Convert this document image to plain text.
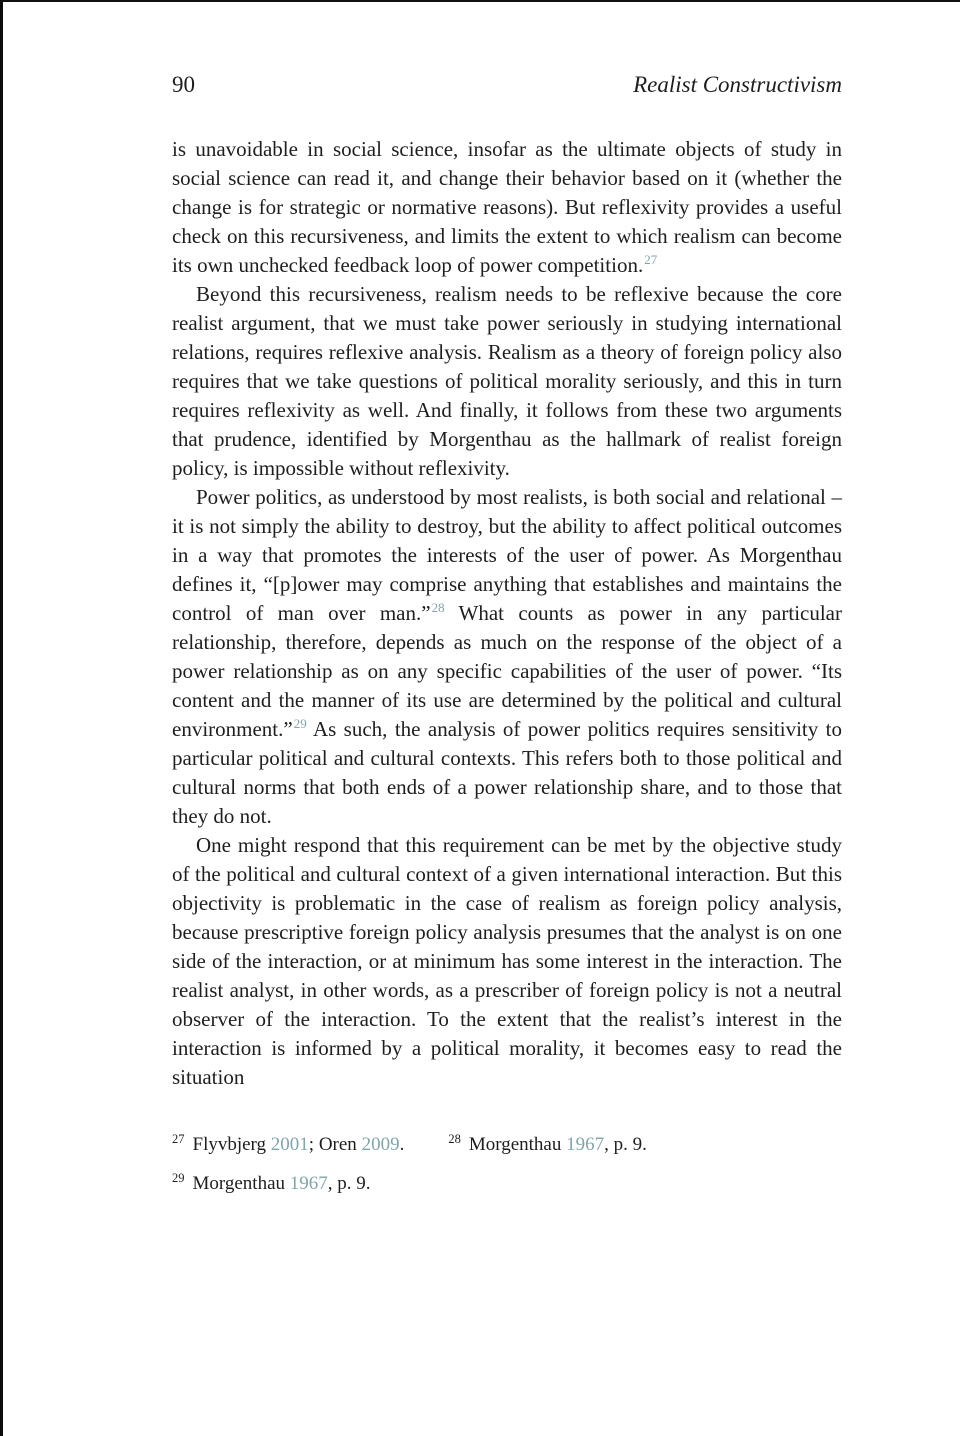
90	Realist Constructivism

is unavoidable in social science, insofar as the ultimate objects of study in social science can read it, and change their behavior based on it (whether the change is for strategic or normative reasons). But reflexivity provides a useful check on this recursiveness, and limits the extent to which realism can become its own unchecked feedback loop of power competition.$^{27}$

Beyond this recursiveness, realism needs to be reflexive because the core realist argument, that we must take power seriously in studying international relations, requires reflexive analysis. Realism as a theory of foreign policy also requires that we take questions of political morality seriously, and this in turn requires reflexivity as well. And finally, it follows from these two arguments that prudence, identified by Morgenthau as the hallmark of realist foreign policy, is impossible without reflexivity.

Power politics, as understood by most realists, is both social and relational – it is not simply the ability to destroy, but the ability to affect political outcomes in a way that promotes the interests of the user of power. As Morgenthau defines it, “[p]ower may comprise anything that establishes and maintains the control of man over man.”$^{28}$ What counts as power in any particular relationship, therefore, depends as much on the response of the object of a power relationship as on any specific capabilities of the user of power. “Its content and the manner of its use are determined by the political and cultural environment.”$^{29}$ As such, the analysis of power politics requires sensitivity to particular political and cultural contexts. This refers both to those political and cultural norms that both ends of a power relationship share, and to those that they do not.

One might respond that this requirement can be met by the objective study of the political and cultural context of a given international interaction. But this objectivity is problematic in the case of realism as foreign policy analysis, because prescriptive foreign policy analysis presumes that the analyst is on one side of the interaction, or at minimum has some interest in the interaction. The realist analyst, in other words, as a prescriber of foreign policy is not a neutral observer of the interaction. To the extent that the realist’s interest in the interaction is informed by a political morality, it becomes easy to read the situation

$^{27}$ Flyvbjerg 2001; Oren 2009.	$^{28}$ Morgenthau 1967, p. 9.
$^{29}$ Morgenthau 1967, p. 9.
